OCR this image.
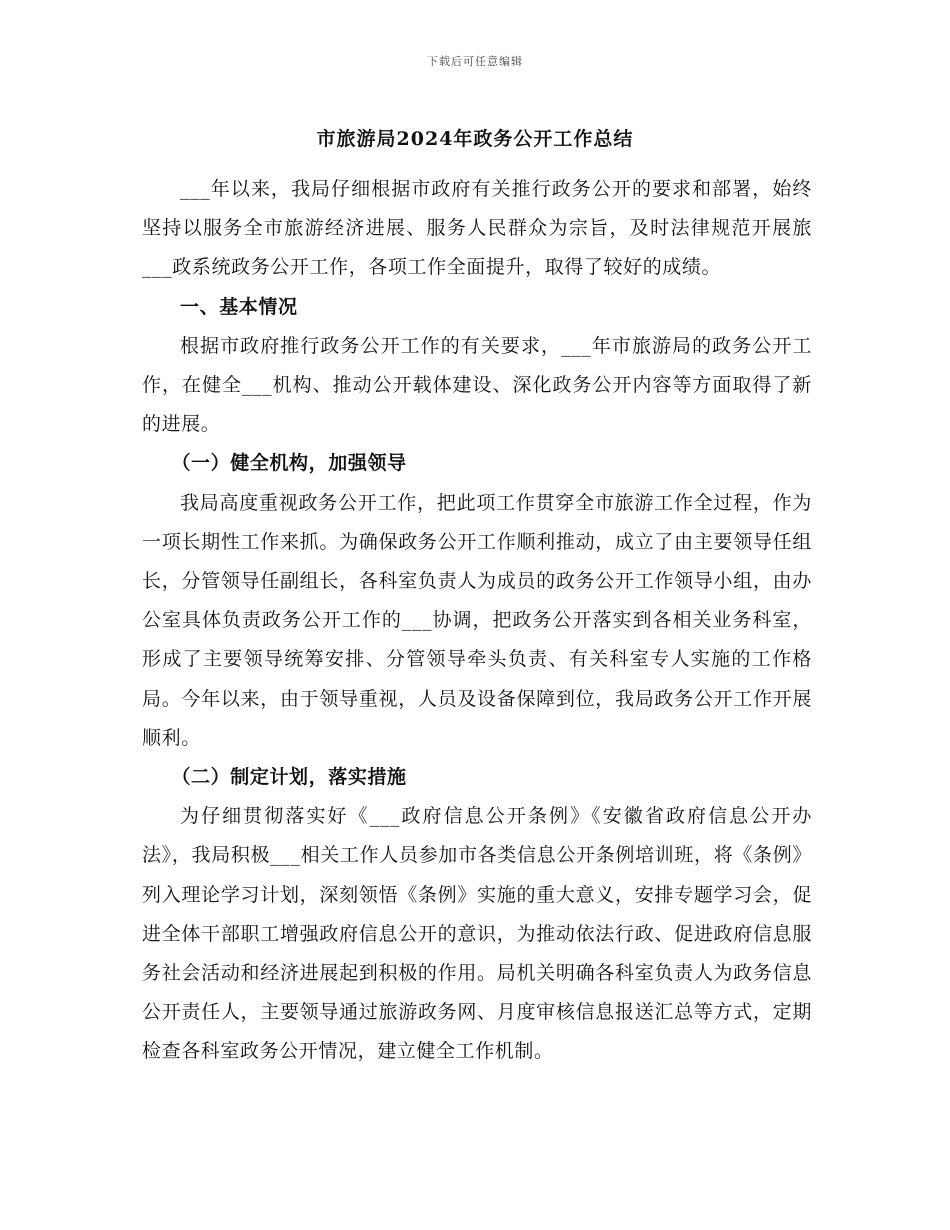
下载后可任意编辑
市旅游局2024年政务公开工作总结

___年以来，我局仔细根据市政府有关推行政务公开的要求和部署，始终坚持以服务全市旅游经济进展、服务人民群众为宗旨，及时法律规范开展旅___政系统政务公开工作，各项工作全面提升，取得了较好的成绩。

一、基本情况

根据市政府推行政务公开工作的有关要求，___年市旅游局的政务公开工作，在健全___机构、推动公开载体建设、深化政务公开内容等方面取得了新的进展。

（一）健全机构，加强领导

我局高度重视政务公开工作，把此项工作贯穿全市旅游工作全过程，作为一项长期性工作来抓。为确保政务公开工作顺利推动，成立了由主要领导任组长，分管领导任副组长，各科室负责人为成员的政务公开工作领导小组，由办公室具体负责政务公开工作的___协调，把政务公开落实到各相关业务科室，形成了主要领导统筹安排、分管领导牵头负责、有关科室专人实施的工作格局。今年以来，由于领导重视，人员及设备保障到位，我局政务公开工作开展顺利。

（二）制定计划，落实措施

为仔细贯彻落实好《___政府信息公开条例》《安徽省政府信息公开办法》，我局积极___相关工作人员参加市各类信息公开条例培训班，将《条例》列入理论学习计划，深刻领悟《条例》实施的重大意义，安排专题学习会，促进全体干部职工增强政府信息公开的意识，为推动依法行政、促进政府信息服务社会活动和经济进展起到积极的作用。局机关明确各科室负责人为政务信息公开责任人，主要领导通过旅游政务网、月度审核信息报送汇总等方式，定期检查各科室政务公开情况，建立健全工作机制。
